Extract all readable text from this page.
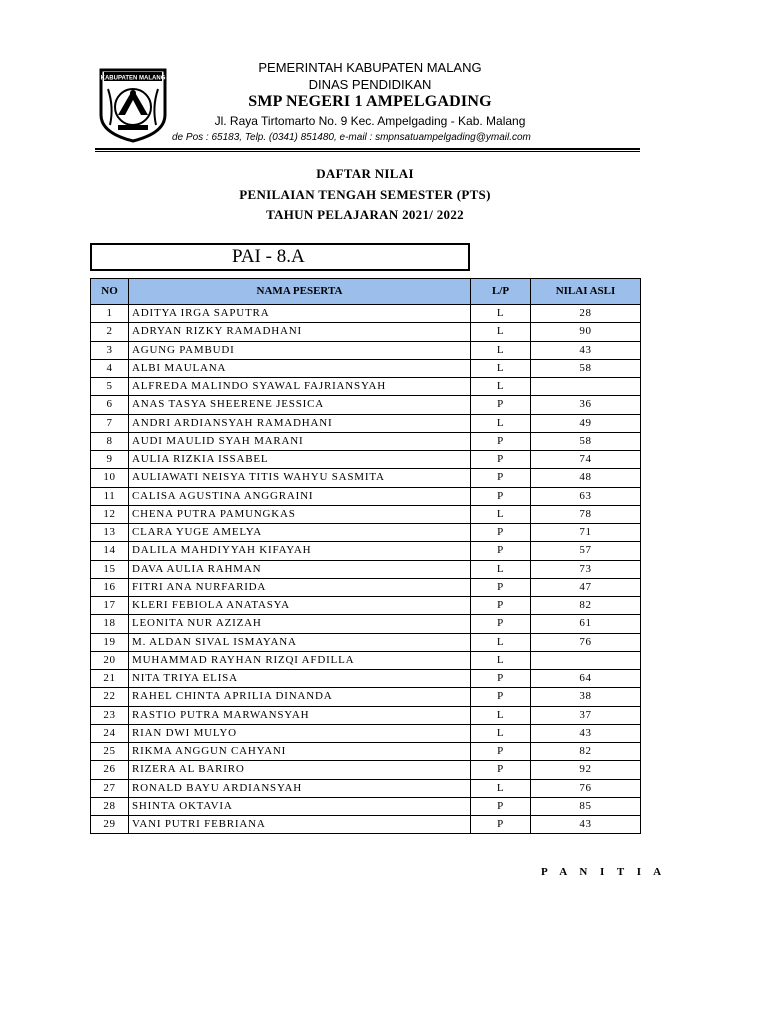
KABUPATEN MALANG
PEMERINTAH KABUPATEN MALANG
DINAS PENDIDIKAN
SMP NEGERI 1 AMPELGADING
Jl. Raya Tirtomarto No. 9 Kec. Ampelgading - Kab. Malang
de Pos : 65183, Telp. (0341) 851480, e-mail : smpnsatuampelgading@ymail.com
DAFTAR NILAI
PENILAIAN TENGAH SEMESTER (PTS)
TAHUN PELAJARAN 2021/ 2022
PAI - 8.A
NO	NAMA PESERTA	L/P	NILAI ASLI
1	ADITYA IRGA SAPUTRA	L	28
2	ADRYAN RIZKY RAMADHANI	L	90
3	AGUNG PAMBUDI	L	43
4	ALBI MAULANA	L	58
5	ALFREDA MALINDO SYAWAL FAJRIANSYAH	L	
6	ANAS TASYA SHEERENE JESSICA	P	36
7	ANDRI ARDIANSYAH RAMADHANI	L	49
8	AUDI MAULID SYAH MARANI	P	58
9	AULIA RIZKIA ISSABEL	P	74
10	AULIAWATI NEISYA TITIS WAHYU SASMITA	P	48
11	CALISA AGUSTINA ANGGRAINI	P	63
12	CHENA PUTRA PAMUNGKAS	L	78
13	CLARA YUGE AMELYA	P	71
14	DALILA MAHDIYYAH KIFAYAH	P	57
15	DAVA AULIA RAHMAN	L	73
16	FITRI ANA NURFARIDA	P	47
17	KLERI FEBIOLA ANATASYA	P	82
18	LEONITA NUR AZIZAH	P	61
19	M. ALDAN SIVAL ISMAYANA	L	76
20	MUHAMMAD RAYHAN RIZQI AFDILLA	L	
21	NITA TRIYA ELISA	P	64
22	RAHEL CHINTA APRILIA DINANDA	P	38
23	RASTIO PUTRA MARWANSYAH	L	37
24	RIAN DWI MULYO	L	43
25	RIKMA ANGGUN CAHYANI	P	82
26	RIZERA AL BARIRO	P	92
27	RONALD BAYU ARDIANSYAH	L	76
28	SHINTA OKTAVIA	P	85
29	VANI PUTRI FEBRIANA	P	43
P A N I T I A
